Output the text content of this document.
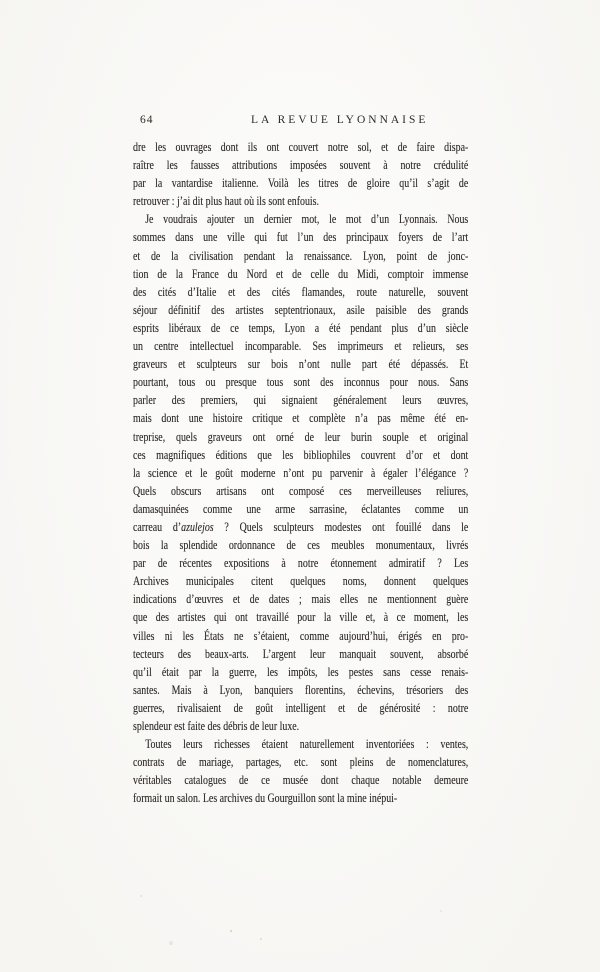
64	LA REVUE LYONNAISE
dre les ouvrages dont ils ont couvert notre sol, et de faire dispa-
raître les fausses attributions imposées souvent à notre crédulité
par la vantardise italienne. Voilà les titres de gloire qu’il s’agit de
retrouver : j’ai dit plus haut où ils sont enfouis.
Je voudrais ajouter un dernier mot, le mot d’un Lyonnais. Nous
sommes dans une ville qui fut l’un des principaux foyers de l’art
et de la civilisation pendant la renaissance. Lyon, point de jonc-
tion de la France du Nord et de celle du Midi, comptoir immense
des cités d’Italie et des cités flamandes, route naturelle, souvent
séjour définitif des artistes septentrionaux, asile paisible des grands
esprits libéraux de ce temps, Lyon a été pendant plus d’un siècle
un centre intellectuel incomparable. Ses imprimeurs et relieurs, ses
graveurs et sculpteurs sur bois n’ont nulle part été dépassés. Et
pourtant, tous ou presque tous sont des inconnus pour nous. Sans
parler des premiers, qui signaient généralement leurs œuvres,
mais dont une histoire critique et complète n’a pas même été en-
treprise, quels graveurs ont orné de leur burin souple et original
ces magnifiques éditions que les bibliophiles couvrent d’or et dont
la science et le goût moderne n’ont pu parvenir à égaler l’élégance ?
Quels obscurs artisans ont composé ces merveilleuses reliures,
damasquinées comme une arme sarrasine, éclatantes comme un
carreau d’azulejos ? Quels sculpteurs modestes ont fouillé dans le
bois la splendide ordonnance de ces meubles monumentaux, livrés
par de récentes expositions à notre étonnement admiratif ? Les
Archives municipales citent quelques noms, donnent quelques
indications d’œuvres et de dates ; mais elles ne mentionnent guère
que des artistes qui ont travaillé pour la ville et, à ce moment, les
villes ni les États ne s’étaient, comme aujourd’hui, érigés en pro-
tecteurs des beaux-arts. L’argent leur manquait souvent, absorbé
qu’il était par la guerre, les impôts, les pestes sans cesse renais-
santes. Mais à Lyon, banquiers florentins, échevins, trésoriers des
guerres, rivalisaient de goût intelligent et de générosité : notre
splendeur est faite des débris de leur luxe.
Toutes leurs richesses étaient naturellement inventoriées : ventes,
contrats de mariage, partages, etc. sont pleins de nomenclatures,
véritables catalogues de ce musée dont chaque notable demeure
formait un salon. Les archives du Gourguillon sont la mine inépui-
